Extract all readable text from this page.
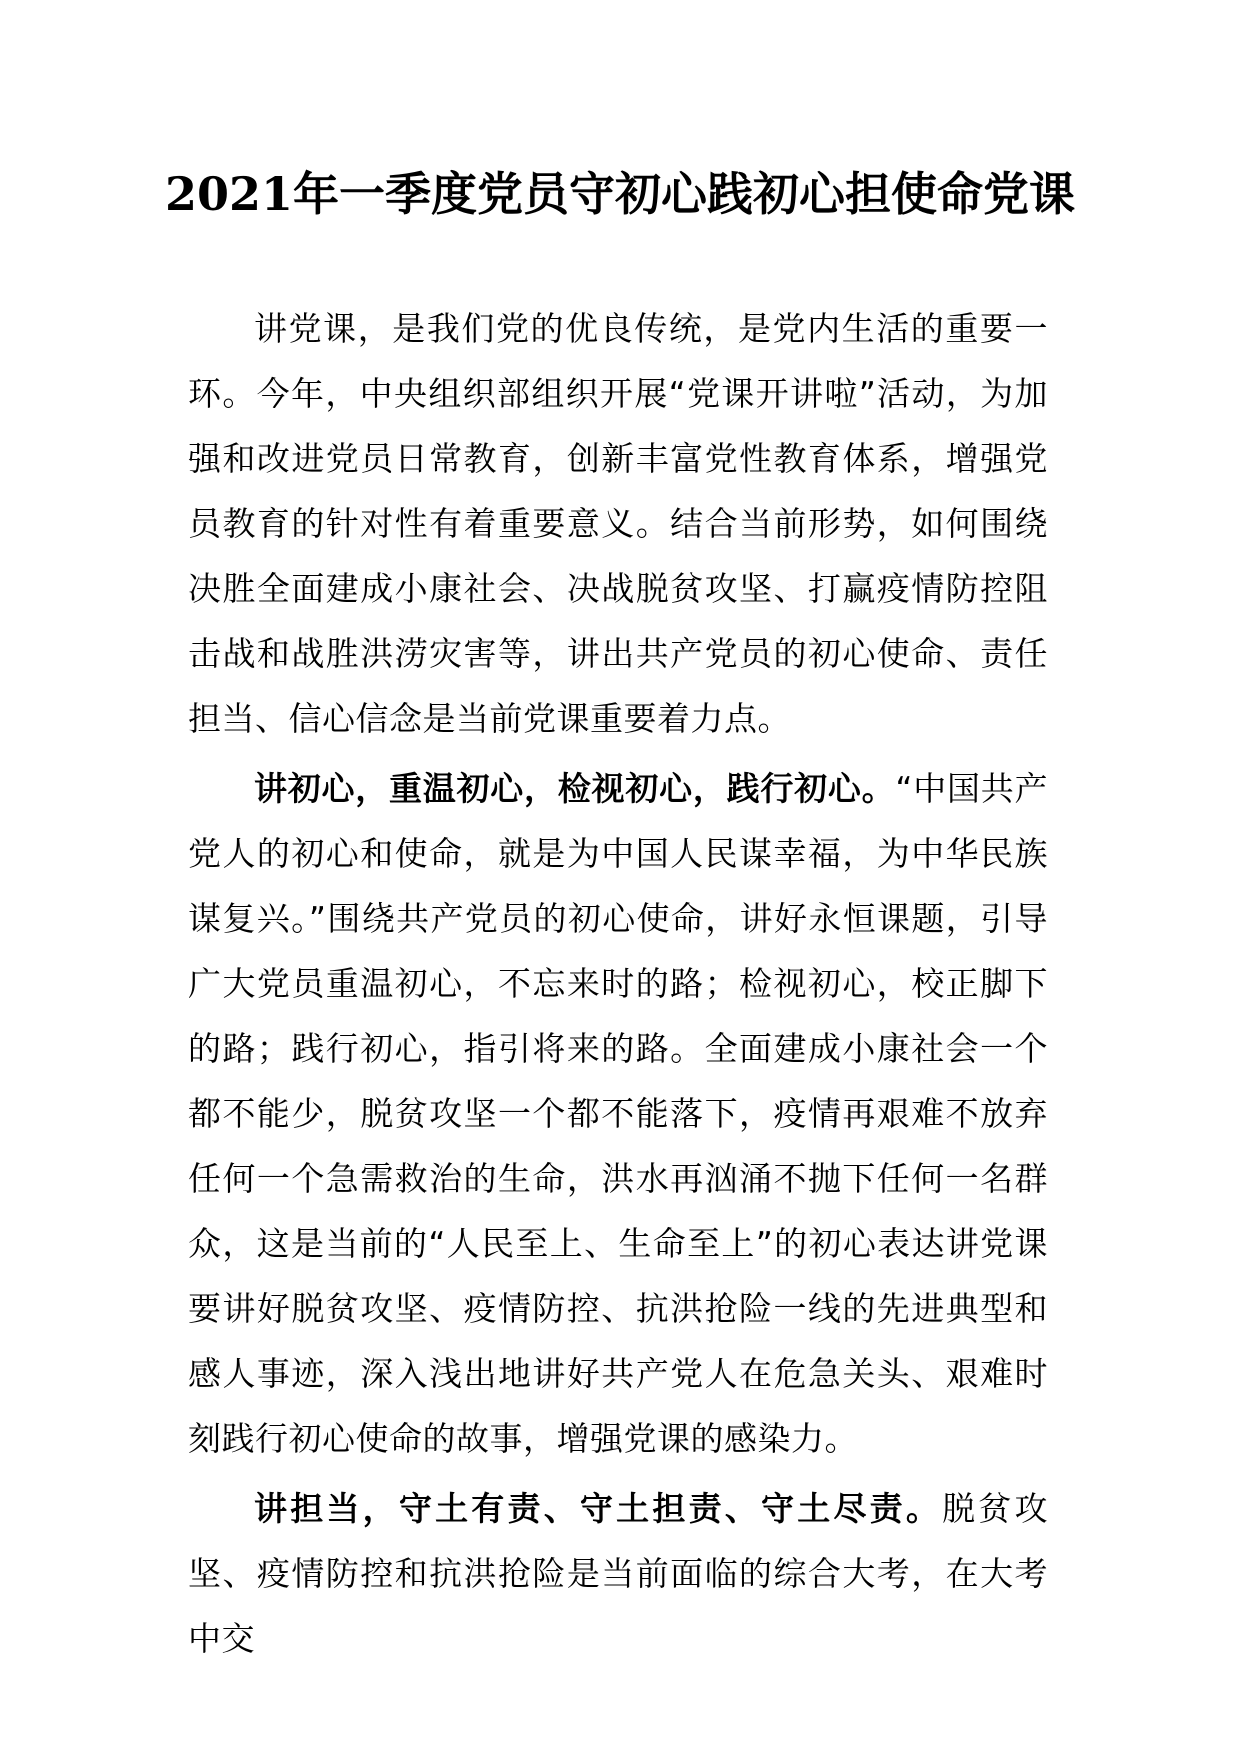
2021年一季度党员守初心践初心担使命党课

讲党课，是我们党的优良传统，是党内生活的重要一环。今年，中央组织部组织开展“党课开讲啦”活动，为加强和改进党员日常教育，创新丰富党性教育体系，增强党员教育的针对性有着重要意义。结合当前形势，如何围绕决胜全面建成小康社会、决战脱贫攻坚、打赢疫情防控阻击战和战胜洪涝灾害等，讲出共产党员的初心使命、责任担当、信心信念是当前党课重要着力点。

讲初心，重温初心，检视初心，践行初心。“中国共产党人的初心和使命，就是为中国人民谋幸福，为中华民族谋复兴。”围绕共产党员的初心使命，讲好永恒课题，引导广大党员重温初心，不忘来时的路；检视初心，校正脚下的路；践行初心，指引将来的路。全面建成小康社会一个都不能少，脱贫攻坚一个都不能落下，疫情再艰难不放弃任何一个急需救治的生命，洪水再汹涌不抛下任何一名群众，这是当前的“人民至上、生命至上”的初心表达讲党课要讲好脱贫攻坚、疫情防控、抗洪抢险一线的先进典型和感人事迹，深入浅出地讲好共产党人在危急关头、艰难时刻践行初心使命的故事，增强党课的感染力。

讲担当，守土有责、守土担责、守土尽责。脱贫攻坚、疫情防控和抗洪抢险是当前面临的综合大考，在大考中交
